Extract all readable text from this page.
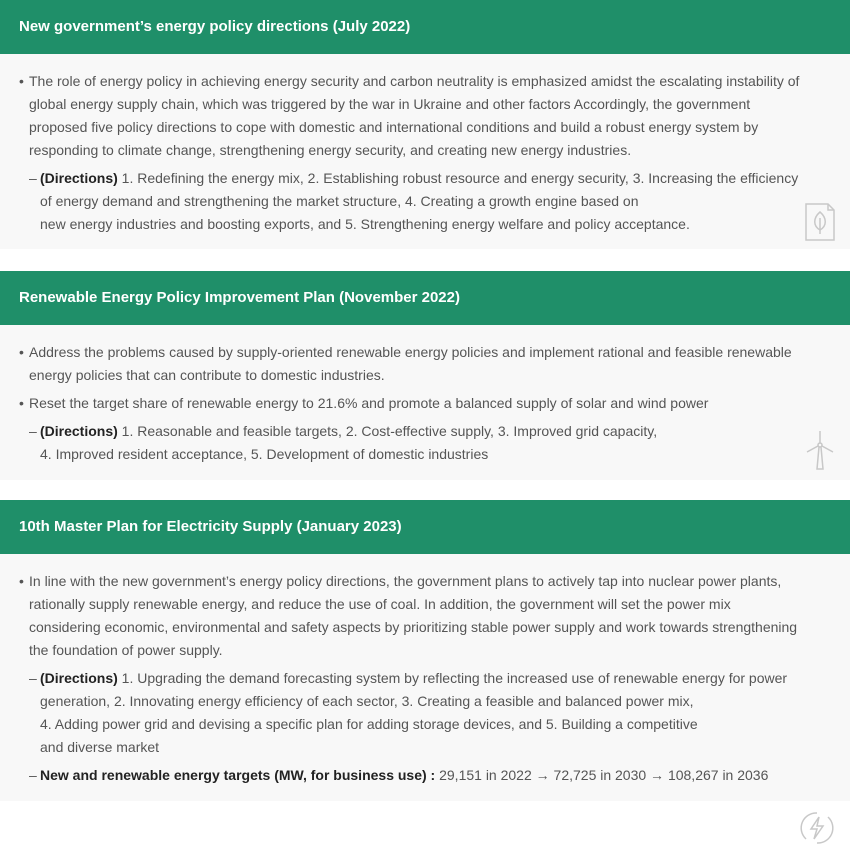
New government’s energy policy directions (July 2022)
• The role of energy policy in achieving energy security and carbon neutrality is emphasized amidst the escalating instability of
global energy supply chain, which was triggered by the war in Ukraine and other factors Accordingly, the government
proposed five policy directions to cope with domestic and international conditions and build a robust energy system by
responding to climate change, strengthening energy security, and creating new energy industries.
– (Directions) 1. Redefining the energy mix, 2. Establishing robust resource and energy security, 3. Increasing the efficiency
of energy demand and strengthening the market structure, 4. Creating a growth engine based on
new energy industries and boosting exports, and 5. Strengthening energy welfare and policy acceptance.
Renewable Energy Policy Improvement Plan (November 2022)
• Address the problems caused by supply-oriented renewable energy policies and implement rational and feasible renewable
energy policies that can contribute to domestic industries.
• Reset the target share of renewable energy to 21.6% and promote a balanced supply of solar and wind power
– (Directions) 1. Reasonable and feasible targets, 2. Cost-effective supply, 3. Improved grid capacity,
4. Improved resident acceptance, 5. Development of domestic industries
10th Master Plan for Electricity Supply (January 2023)
• In line with the new government’s energy policy directions, the government plans to actively tap into nuclear power plants,
rationally supply renewable energy, and reduce the use of coal. In addition, the government will set the power mix
considering economic, environmental and safety aspects by prioritizing stable power supply and work towards strengthening
the foundation of power supply.
– (Directions) 1. Upgrading the demand forecasting system by reflecting the increased use of renewable energy for power
generation, 2. Innovating energy efficiency of each sector, 3. Creating a feasible and balanced power mix,
4. Adding power grid and devising a specific plan for adding storage devices, and 5. Building a competitive
and diverse market
– New and renewable energy targets (MW, for business use) : 29,151 in 2022 → 72,725 in 2030 → 108,267 in 2036
